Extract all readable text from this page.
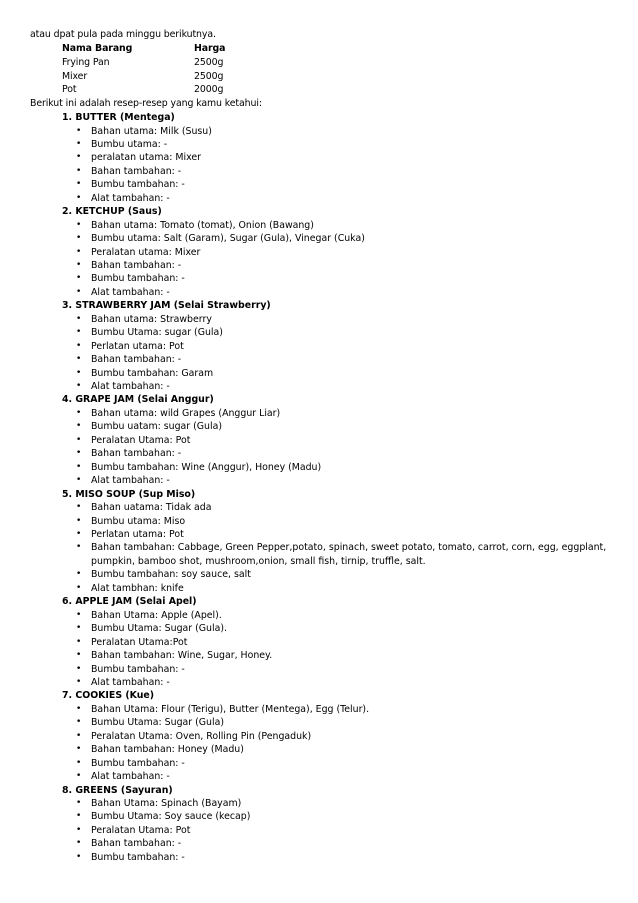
atau dpat pula pada minggu berikutnya.
Nama Barang	Harga
Frying Pan	2500g
Mixer	2500g
Pot	2000g
Berikut ini adalah resep-resep yang kamu ketahui:
1. BUTTER (Mentega)
• Bahan utama: Milk (Susu)
• Bumbu utama: -
• peralatan utama: Mixer
• Bahan tambahan: -
• Bumbu tambahan: -
• Alat tambahan: -
2. KETCHUP (Saus)
• Bahan utama: Tomato (tomat), Onion (Bawang)
• Bumbu utama: Salt (Garam), Sugar (Gula), Vinegar (Cuka)
• Peralatan utama: Mixer
• Bahan tambahan: -
• Bumbu tambahan: -
• Alat tambahan: -
3. STRAWBERRY JAM (Selai Strawberry)
• Bahan utama: Strawberry
• Bumbu Utama: sugar (Gula)
• Perlatan utama: Pot
• Bahan tambahan: -
• Bumbu tambahan: Garam
• Alat tambahan: -
4. GRAPE JAM (Selai Anggur)
• Bahan utama: wild Grapes (Anggur Liar)
• Bumbu uatam: sugar (Gula)
• Peralatan Utama: Pot
• Bahan tambahan: -
• Bumbu tambahan: Wine (Anggur), Honey (Madu)
• Alat tambahan: -
5. MISO SOUP (Sup Miso)
• Bahan uatama: Tidak ada
• Bumbu utama: Miso
• Perlatan utama: Pot
• Bahan tambahan: Cabbage, Green Pepper,potato, spinach, sweet potato, tomato, carrot, corn, egg, eggplant,
pumpkin, bamboo shot, mushroom,onion, small fish, tirnip, truffle, salt.
• Bumbu tambahan: soy sauce, salt
• Alat tambhan: knife
6. APPLE JAM (Selai Apel)
• Bahan Utama: Apple (Apel).
• Bumbu Utama: Sugar (Gula).
• Peralatan Utama:Pot
• Bahan tambahan: Wine, Sugar, Honey.
• Bumbu tambahan: -
• Alat tambahan: -
7. COOKIES (Kue)
• Bahan Utama: Flour (Terigu), Butter (Mentega), Egg (Telur).
• Bumbu Utama: Sugar (Gula)
• Peralatan Utama: Oven, Rolling Pin (Pengaduk)
• Bahan tambahan: Honey (Madu)
• Bumbu tambahan: -
• Alat tambahan: -
8. GREENS (Sayuran)
• Bahan Utama: Spinach (Bayam)
• Bumbu Utama: Soy sauce (kecap)
• Peralatan Utama: Pot
• Bahan tambahan: -
• Bumbu tambahan: -
